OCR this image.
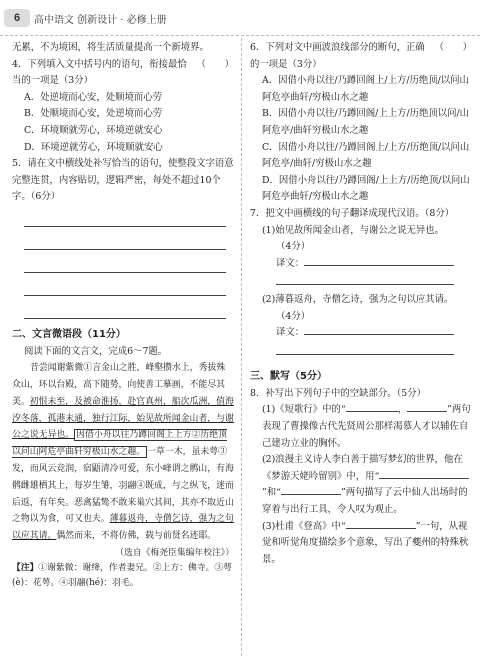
6	高中语文 创新设计 · 必修上册

无累，不为境困，将生活质量提高一个新境界。

4．下列填入文中括号内的语句，衔接最恰当的一项是（3分）
（　　）

A．处逆境而心安，处顺境而心劳

B．处顺境而心安，处逆境而心劳

C．环境顺就劳心，环境逆就安心

D．环境逆就劳心，环境顺就安心

5．请在文中横线处补写恰当的语句，使整段文字语意完整连贯，内容贴切，逻辑严密，每处不超过10个字。（6分）

二、文言微语段（11分）

阅读下面的文言文，完成6～7题。

昔尝闻谢紫微①言金山之胜，峰壑攒水上，秀拔殊众山，环以台殿，高下随势，向使善工摹画，不能尽其美。初恨未至，及被命淮扬，赴官真州，船次瓜洲，值海汐冬落，孤港未通，独行江际，始见故所闻金山者，与谢公之说无异也。 因借小舟以往乃蹲回阁上上方②历绝顶以问山阿危亭曲轩穷极山水之趣。 一草一木，虽未萼③发，而风云竞润，宿鼯清冷可爱，东小峰谓之鹘山，有海鹘雌雄栖其上，每岁生雏，羽翮④既成，与之纵飞，迷而后返，有年矣。恶禽猛鸷不敢来巢穴其间，其亦不取近山之物以为食，可又也夫。薄暮返舟，寺僧乞诗，强为之句以应其请。偶然而来，不将仿佛，载与前贤名迹耶。

（选自《梅尧臣集编年校注》）

【注】①谢紫微：谢绛，作者妻兄。②上方：佛寺。③萼(è)：花萼。④羽翮(hé)：羽毛。

6．下列对文中画波浪线部分的断句，正确的一项是（3分）
（　　）

A．因借小舟以往/乃蹲回阁上/上方/历绝顶/以问山阿危亭曲轩/穷极山水之趣

B．因借小舟以往/乃蹲回阁/上上方/历绝顶以问/山阿危亭/曲轩穷极山水之趣

C．因借小舟以往/乃蹲回阁上/上方/历绝顶/以问山阿危亭/曲轩/穷极山水之趣

D．因借小舟以往/乃蹲回阁/上上方/历绝顶/以问山阿危亭曲轩/穷极山水之趣

7．把文中画横线的句子翻译成现代汉语。（8分）

(1)始见故所闻金山者，与谢公之说无异也。

（4分）

译文：

(2)薄暮返舟，寺僧乞诗，强为之句以应其请。

（4分）

译文：

三、默写（5分）

8．补写出下列句子中的空缺部分。（5分）

(1)《短歌行》中的“	，	”两句表现了曹操像古代先贤周公那样渴慕人才以辅佐自己建功立业的胸怀。

(2)浪漫主义诗人李白善于描写梦幻的世界，他在《梦游天姥吟留别》中，用“”和“	”两句描写了云中仙人出场时的穿着与出行工具，令人叹为观止。

(3)杜甫《登高》中“	”一句，从视觉和听觉角度描绘多个意象，写出了夔州的特殊秋景。
